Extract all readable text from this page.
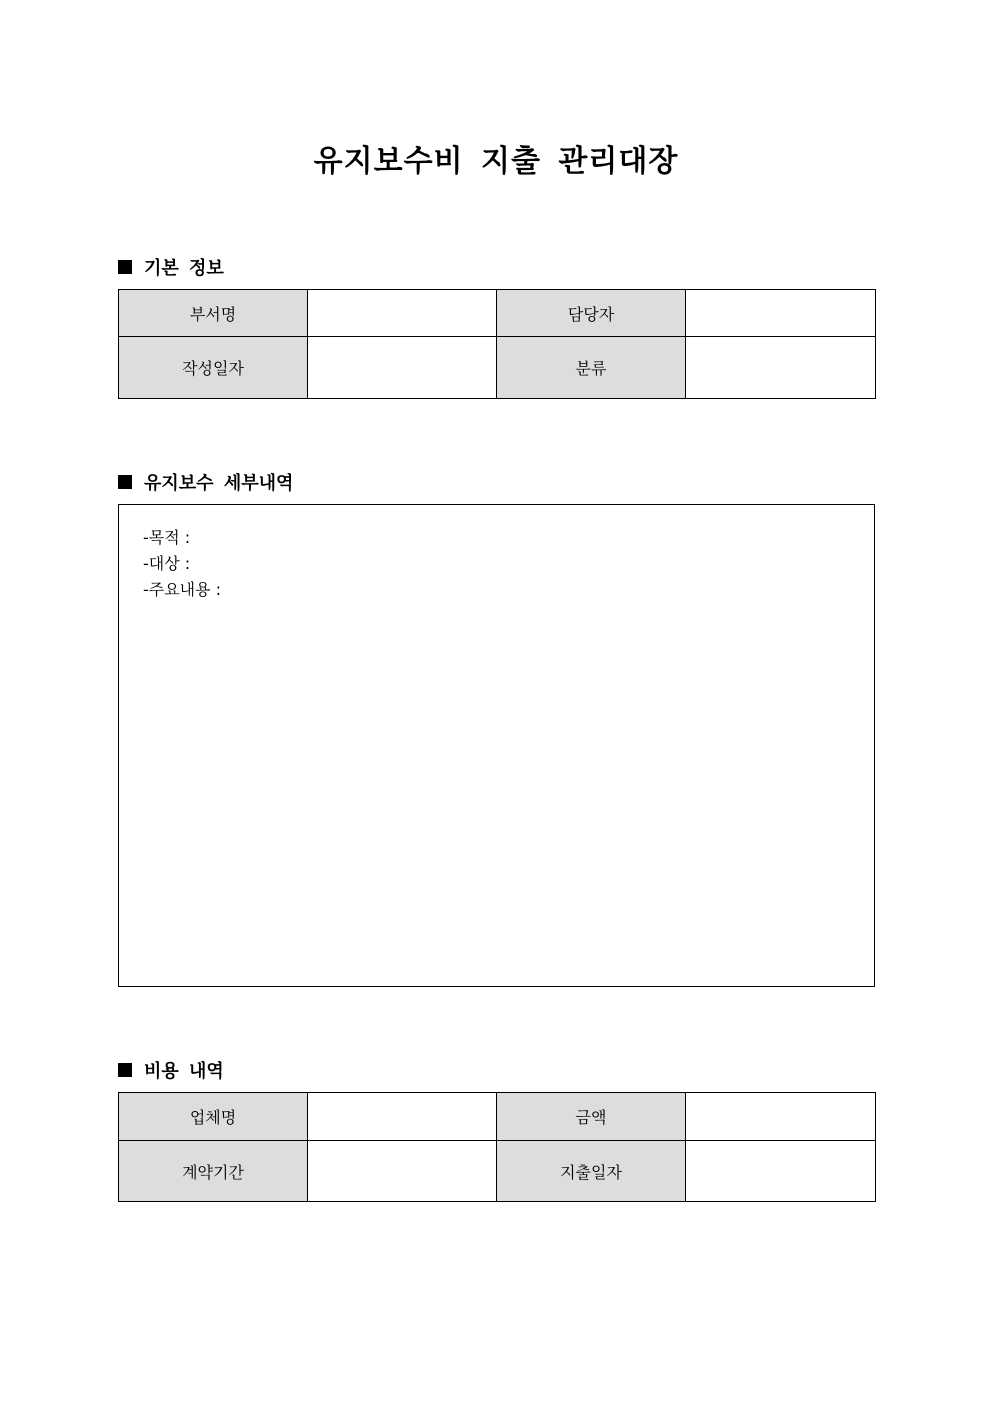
유지보수비 지출 관리대장
기본 정보
부서명		담당자	
작성일자		분류	
유지보수 세부내역
-목적 :
-대상 :
-주요내용 :
비용 내역
업체명		금액	
계약기간		지출일자	
